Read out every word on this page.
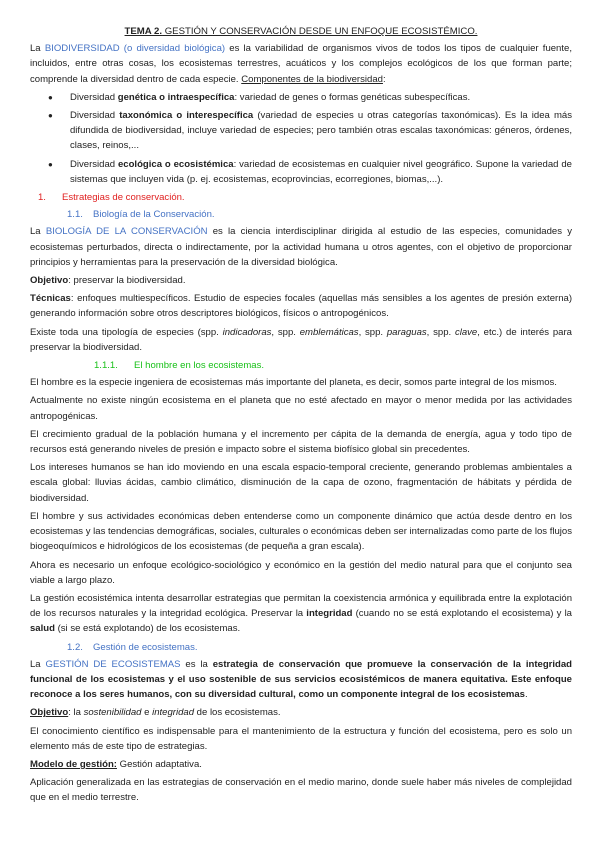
TEMA 2. GESTIÓN Y CONSERVACIÓN DESDE UN ENFOQUE ECOSISTÉMICO.

La BIODIVERSIDAD (o diversidad biológica) es la variabilidad de organismos vivos de todos los tipos de cualquier fuente, incluidos, entre otras cosas, los ecosistemas terrestres, acuáticos y los complejos ecológicos de los que forman parte; comprende la diversidad dentro de cada especie. Componentes de la biodiversidad:

● Diversidad genética o intraespecífica: variedad de genes o formas genéticas subespecíficas.
● Diversidad taxonómica o interespecífica (variedad de especies u otras categorías taxonómicas). Es la idea más difundida de biodiversidad, incluye variedad de especies; pero también otras escalas taxonómicas: géneros, órdenes, clases, reinos,...
● Diversidad ecológica o ecosistémica: variedad de ecosistemas en cualquier nivel geográfico. Supone la variedad de sistemas que incluyen vida (p. ej. ecosistemas, ecoprovincias, ecorregiones, biomas,...).
1. Estrategias de conservación.
1.1. Biología de la Conservación.

La BIOLOGÍA DE LA CONSERVACIÓN es la ciencia interdisciplinar dirigida al estudio de las especies, comunidades y ecosistemas perturbados, directa o indirectamente, por la actividad humana u otros agentes, con el objetivo de proporcionar principios y herramientas para la preservación de la diversidad biológica.

Objetivo: preservar la biodiversidad.

Técnicas: enfoques multiespecíficos. Estudio de especies focales (aquellas más sensibles a los agentes de presión externa) generando información sobre otros descriptores biológicos, físicos o antropogénicos.

Existe toda una tipología de especies (spp. indicadoras, spp. emblemáticas, spp. paraguas, spp. clave, etc.) de interés para preservar la biodiversidad.

1.1.1. El hombre en los ecosistemas.

El hombre es la especie ingeniera de ecosistemas más importante del planeta, es decir, somos parte integral de los mismos.

Actualmente no existe ningún ecosistema en el planeta que no esté afectado en mayor o menor medida por las actividades antropogénicas.

El crecimiento gradual de la población humana y el incremento per cápita de la demanda de energía, agua y todo tipo de recursos está generando niveles de presión e impacto sobre el sistema biofísico global sin precedentes.

Los intereses humanos se han ido moviendo en una escala espacio-temporal creciente, generando problemas ambientales a escala global: lluvias ácidas, cambio climático, disminución de la capa de ozono, fragmentación de hábitats y pérdida de biodiversidad.

El hombre y sus actividades económicas deben entenderse como un componente dinámico que actúa desde dentro en los ecosistemas y las tendencias demográficas, sociales, culturales o económicas deben ser internalizadas como parte de los flujos biogeoquímicos e hidrológicos de los ecosistemas (de pequeña a gran escala).

Ahora es necesario un enfoque ecológico-sociológico y económico en la gestión del medio natural para que el conjunto sea viable a largo plazo.

La gestión ecosistémica intenta desarrollar estrategias que permitan la coexistencia armónica y equilibrada entre la explotación de los recursos naturales y la integridad ecológica. Preservar la integridad (cuando no se está explotando el ecosistema) y la salud (si se está explotando) de los ecosistemas.

1.2. Gestión de ecosistemas.

La GESTIÓN DE ECOSISTEMAS es la estrategia de conservación que promueve la conservación de la integridad funcional de los ecosistemas y el uso sostenible de sus servicios ecosistémicos de manera equitativa. Este enfoque reconoce a los seres humanos, con su diversidad cultural, como un componente integral de los ecosistemas.

Objetivo: la sostenibilidad e integridad de los ecosistemas.

El conocimiento científico es indispensable para el mantenimiento de la estructura y función del ecosistema, pero es solo un elemento más de este tipo de estrategias.

Modelo de gestión: Gestión adaptativa.

Aplicación generalizada en las estrategias de conservación en el medio marino, donde suele haber más niveles de complejidad que en el medio terrestre.
